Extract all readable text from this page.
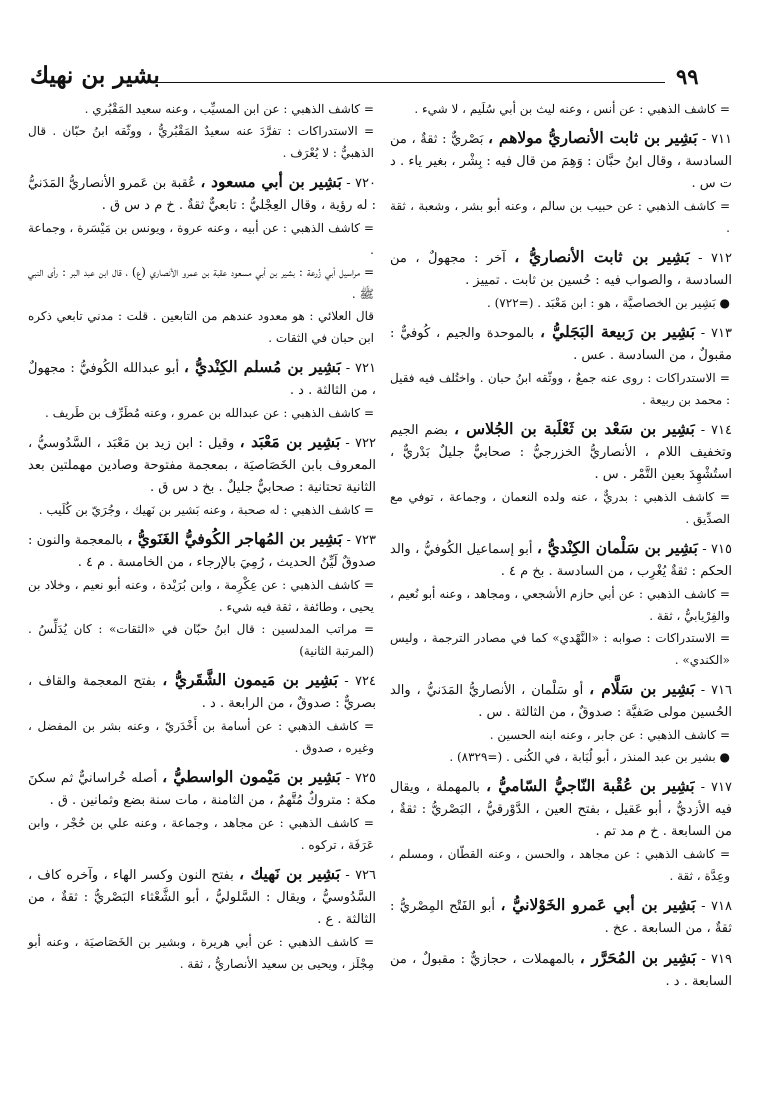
بشير بن نهيك	٩٩

= كاشف الذهبي : عن أنس ، وعنه ليث بن أبي سُلَيم ، لا شيء .

٧١١ - بَشِير بن ثابت الأنصاريُّ مولاهم ، بَصْريٌّ : ثقةٌ ، من السادسة ، وقال ابنُ حبَّان : وَهِمَ من قال فيه : بِشْر ، بغير ياء . د ت س .

= كاشف الذهبي : عن حبيب بن سالم ، وعنه أبو بشر ، وشعبة ، ثقة .

٧١٢ - بَشِير بن ثابت الأنصاريُّ ، آخر : مجهولٌ ، من السادسة ، والصواب فيه : حُسين بن ثابت . تمييز .

● بَشِير بن الخصاصيَّة ، هو : ابن مَعْبَد . (=٧٢٢) .

٧١٣ - بَشِير بن رَبيعة البَجَليُّ ، بالموحدة والجيم ، كُوفيٌّ : مقبولٌ ، من السادسة . عس .

= الاستدراكات : روى عنه جمعٌ ، ووثّقه ابنُ حبان . واختُلف فيه فقيل : محمد بن ربيعة .

٧١٤ - بَشِير بن سَعْد بن ثَعْلَبة بن الجُلاس ، بضم الجيم وتخفيف اللام ، الأنصاريُّ الخزرجيُّ : صحابيٌّ جليلٌ بَدْريٌّ ، استُشْهِدَ بعين التَّمْر . س .

= كاشف الذهبي : بدريٌّ ، عنه ولده النعمان ، وجماعة ، توفي مع الصدِّيق .

٧١٥ - بَشِير بن سَلْمان الكِنْديُّ ، أبو إسماعيل الكُوفيُّ ، والد الحكم : ثقةٌ يُغْرِب ، من السادسة . بخ م ٤ .

= كاشف الذهبي : عن أبي حازم الأشجعي ، ومجاهد ، وعنه أبو نُعيم ، والفِرْيابيُّ ، ثقة .

= الاستدراكات : صوابه : «النَّهْدي» كما في مصادر الترجمة ، وليس «الكندي» .

٧١٦ - بَشِير بن سَلَّام ، أو سَلْمان ، الأنصاريُّ المَدَنيُّ ، والد الحُسين مولى صَفيَّة : صدوقٌ ، من الثالثة . س .

= كاشف الذهبي : عن جابر ، وعنه ابنه الحسين .

● بشير بن عبد المنذر ، أبو لُبَابة ، في الكُنى . (=٨٣٢٩) .

٧١٧ - بَشِير بن عُقْبة النّاجيُّ السّاميُّ ، بالمهملة ، ويقال فيه الأزديُّ ، أبو عَقيل ، بفتح العين ، الدَّوْرقيُّ ، البَصْريُّ : ثقةٌ ، من السابعة . خ م مد تم .

= كاشف الذهبي : عن مجاهد ، والحسن ، وعنه القطّان ، ومسلم ، وعِدَّة ، ثقة .

٧١٨ - بَشِير بن أبي عَمرو الخَوْلانيُّ ، أبو الفَتْح المِصْريُّ : ثقةٌ ، من السابعة . عخ .

٧١٩ - بَشِير بن المُحَرَّر ، بالمهملات ، حجازيٌّ : مقبولٌ ، من السابعة . د .

= كاشف الذهبي : عن ابن المسيِّب ، وعنه سعيد المَقْبُري .

= الاستدراكات : تفرَّدَ عنه سعيدٌ المَقْبُريُّ ، ووثّقه ابنُ حبّان . قال الذهبيُّ : لا يُعْرَف .

٧٢٠ - بَشِير بن أبي مسعود ، عُقبة بن عَمرو الأنصاريُّ المَدَنيُّ : له رؤية ، وقال العِجْليُّ : تابعيٌّ ثقةٌ . خ م د س ق .

= كاشف الذهبي : عن أبيه ، وعنه عروة ، ويونس بن مَيْسَرة ، وجماعة .

= مراسيل أبي زُرعة : بشير بن أبي مسعود عقبة بن عمرو الأنصاري (ع) ، قال ابن عبد البر : رأى النبي ﷺ .

قال العلائي : هو معدود عندهم من التابعين . قلت : مدني تابعي ذكره ابن حبان في الثقات .

٧٢١ - بَشِير بن مُسلم الكِنْديُّ ، أبو عبدالله الكُوفيُّ : مجهولٌ ، من الثالثة . د .

= كاشف الذهبي : عن عبدالله بن عمرو ، وعنه مُطَرِّف بن طَريف .

٧٢٢ - بَشِير بن مَعْبَد ، وقيل : ابن زيد بن مَعْبَد ، السَّدُوسيُّ ، المعروف بابن الخَصَاصيَة ، بمعجمة مفتوحة وصادين مهملتين بعد الثانية تحتانية : صحابيٌّ جليلٌ . بخ د س ق .

= كاشف الذهبي : له صحبة ، وعنه بَشير بن نَهيك ، وجُرَيّ بن كُلَيب .

٧٢٣ - بَشِير بن المُهاجر الكُوفيُّ الغَنَويُّ ، بالمعجمة والنون : صدوقٌ لَيِّنُ الحديث ، رُمِيَ بالإرجاء ، من الخامسة . م ٤ .

= كاشف الذهبي : عن عِكْرِمة ، وابن بُرَيْدة ، وعنه أبو نعيم ، وخلاد بن يحيى ، وطائفة ، ثقة فيه شيء .

= مراتب المدلسين : قال ابنُ حبّان في «الثقات» : كان يُدَلِّسُ . (المرتبة الثانية)

٧٢٤ - بَشِير بن مَيمون الشَّقَريُّ ، بفتح المعجمة والقاف ، بصريٌّ : صدوقٌ ، من الرابعة . د .

= كاشف الذهبي : عن أسامة بن أَخْدَريّ ، وعنه بشر بن المفضل ، وغيره ، صدوق .

٧٢٥ - بَشِير بن مَيْمون الواسطيُّ ، أصله خُراسانيٌّ ثم سكنَ مكة : متروكٌ مُتَّهمٌ ، من الثامنة ، مات سنة بضع وثمانين . ق .

= كاشف الذهبي : عن مجاهد ، وجماعة ، وعنه علي بن حُجْر ، وابن عَرَفَة ، تركوه .

٧٢٦ - بَشِير بن نَهيك ، بفتح النون وكسر الهاء ، وآخره كاف ، السَّدُوسيُّ ، ويقال : السَّلوليُّ ، أبو الشَّعْثاء البَصْريُّ : ثقةٌ ، من الثالثة . ع .

= كاشف الذهبي : عن أبي هريرة ، وبشير بن الخَصَاصيَة ، وعنه أبو مِجْلَز ، ويحيى بن سعيد الأنصاريُّ ، ثقة .
